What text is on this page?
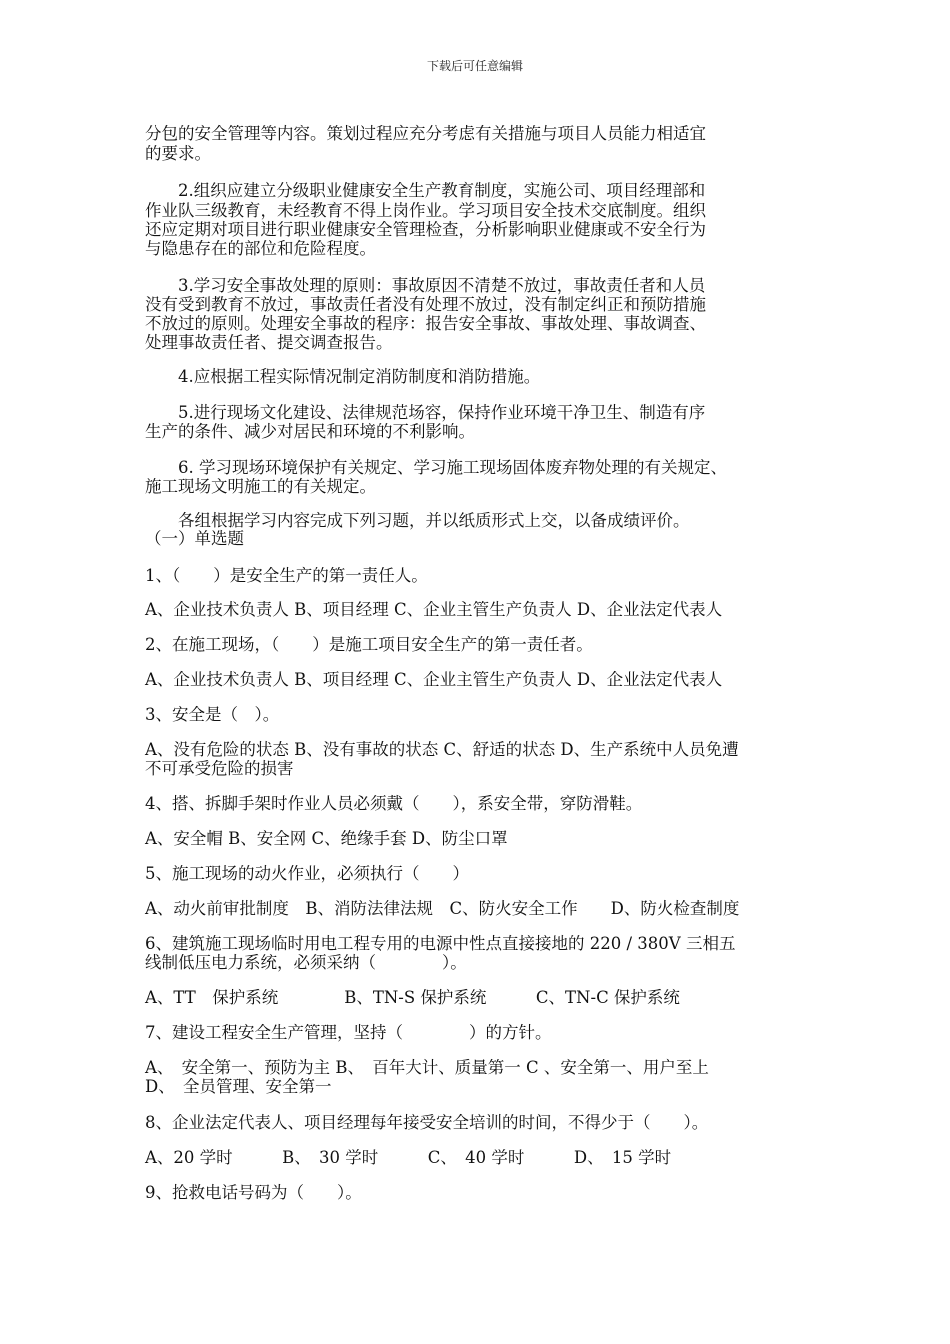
下载后可任意编辑
分包的安全管理等内容。策划过程应充分考虑有关措施与项目人员能力相适宜
的要求。
　　2.组织应建立分级职业健康安全生产教育制度，实施公司、项目经理部和
作业队三级教育，未经教育不得上岗作业。学习项目安全技术交底制度。组织
还应定期对项目进行职业健康安全管理检查，分析影响职业健康或不安全行为
与隐患存在的部位和危险程度。
　　3.学习安全事故处理的原则：事故原因不清楚不放过，事故责任者和人员
没有受到教育不放过，事故责任者没有处理不放过，没有制定纠正和预防措施
不放过的原则。处理安全事故的程序：报告安全事故、事故处理、事故调查、
处理事故责任者、提交调查报告。
　　4.应根据工程实际情况制定消防制度和消防措施。
　　5.进行现场文化建设、法律规范场容，保持作业环境干净卫生、制造有序
生产的条件、减少对居民和环境的不利影响。
　　6. 学习现场环境保护有关规定、学习施工现场固体废弃物处理的有关规定、
施工现场文明施工的有关规定。
　　各组根据学习内容完成下列习题，并以纸质形式上交，以备成绩评价。
（一）单选题
1、（　　）是安全生产的第一责任人。
A、企业技术负责人 B、项目经理 C、企业主管生产负责人 D、企业法定代表人
2、在施工现场，（　　）是施工项目安全生产的第一责任者。
A、企业技术负责人 B、项目经理 C、企业主管生产负责人 D、企业法定代表人
3、安全是（　）。
A、没有危险的状态 B、没有事故的状态 C、舒适的状态 D、生产系统中人员免遭
不可承受危险的损害
4、搭、拆脚手架时作业人员必须戴（　　），系安全带，穿防滑鞋。
A、安全帽 B、安全网 C、绝缘手套 D、防尘口罩
5、施工现场的动火作业，必须执行（　　）
A、动火前审批制度　B、消防法律法规　C、防火安全工作　　D、防火检查制度
6、建筑施工现场临时用电工程专用的电源中性点直接接地的 220 / 380V 三相五
线制低压电力系统，必须采纳（　　　　）。
A、TT　保护系统　　　　B、TN-S 保护系统　　　C、TN-C 保护系统
7、建设工程安全生产管理，坚持（　　　　）的方针。
A、　安全第一、预防为主 B、　百年大计、质量第一 C 、安全第一、用户至上
D、　全员管理、安全第一
8、企业法定代表人、项目经理每年接受安全培训的时间，不得少于（　　）。
A、20 学时　　　B、　30 学时　　　C、　40 学时　　　D、　15 学时
9、抢救电话号码为（　　）。
